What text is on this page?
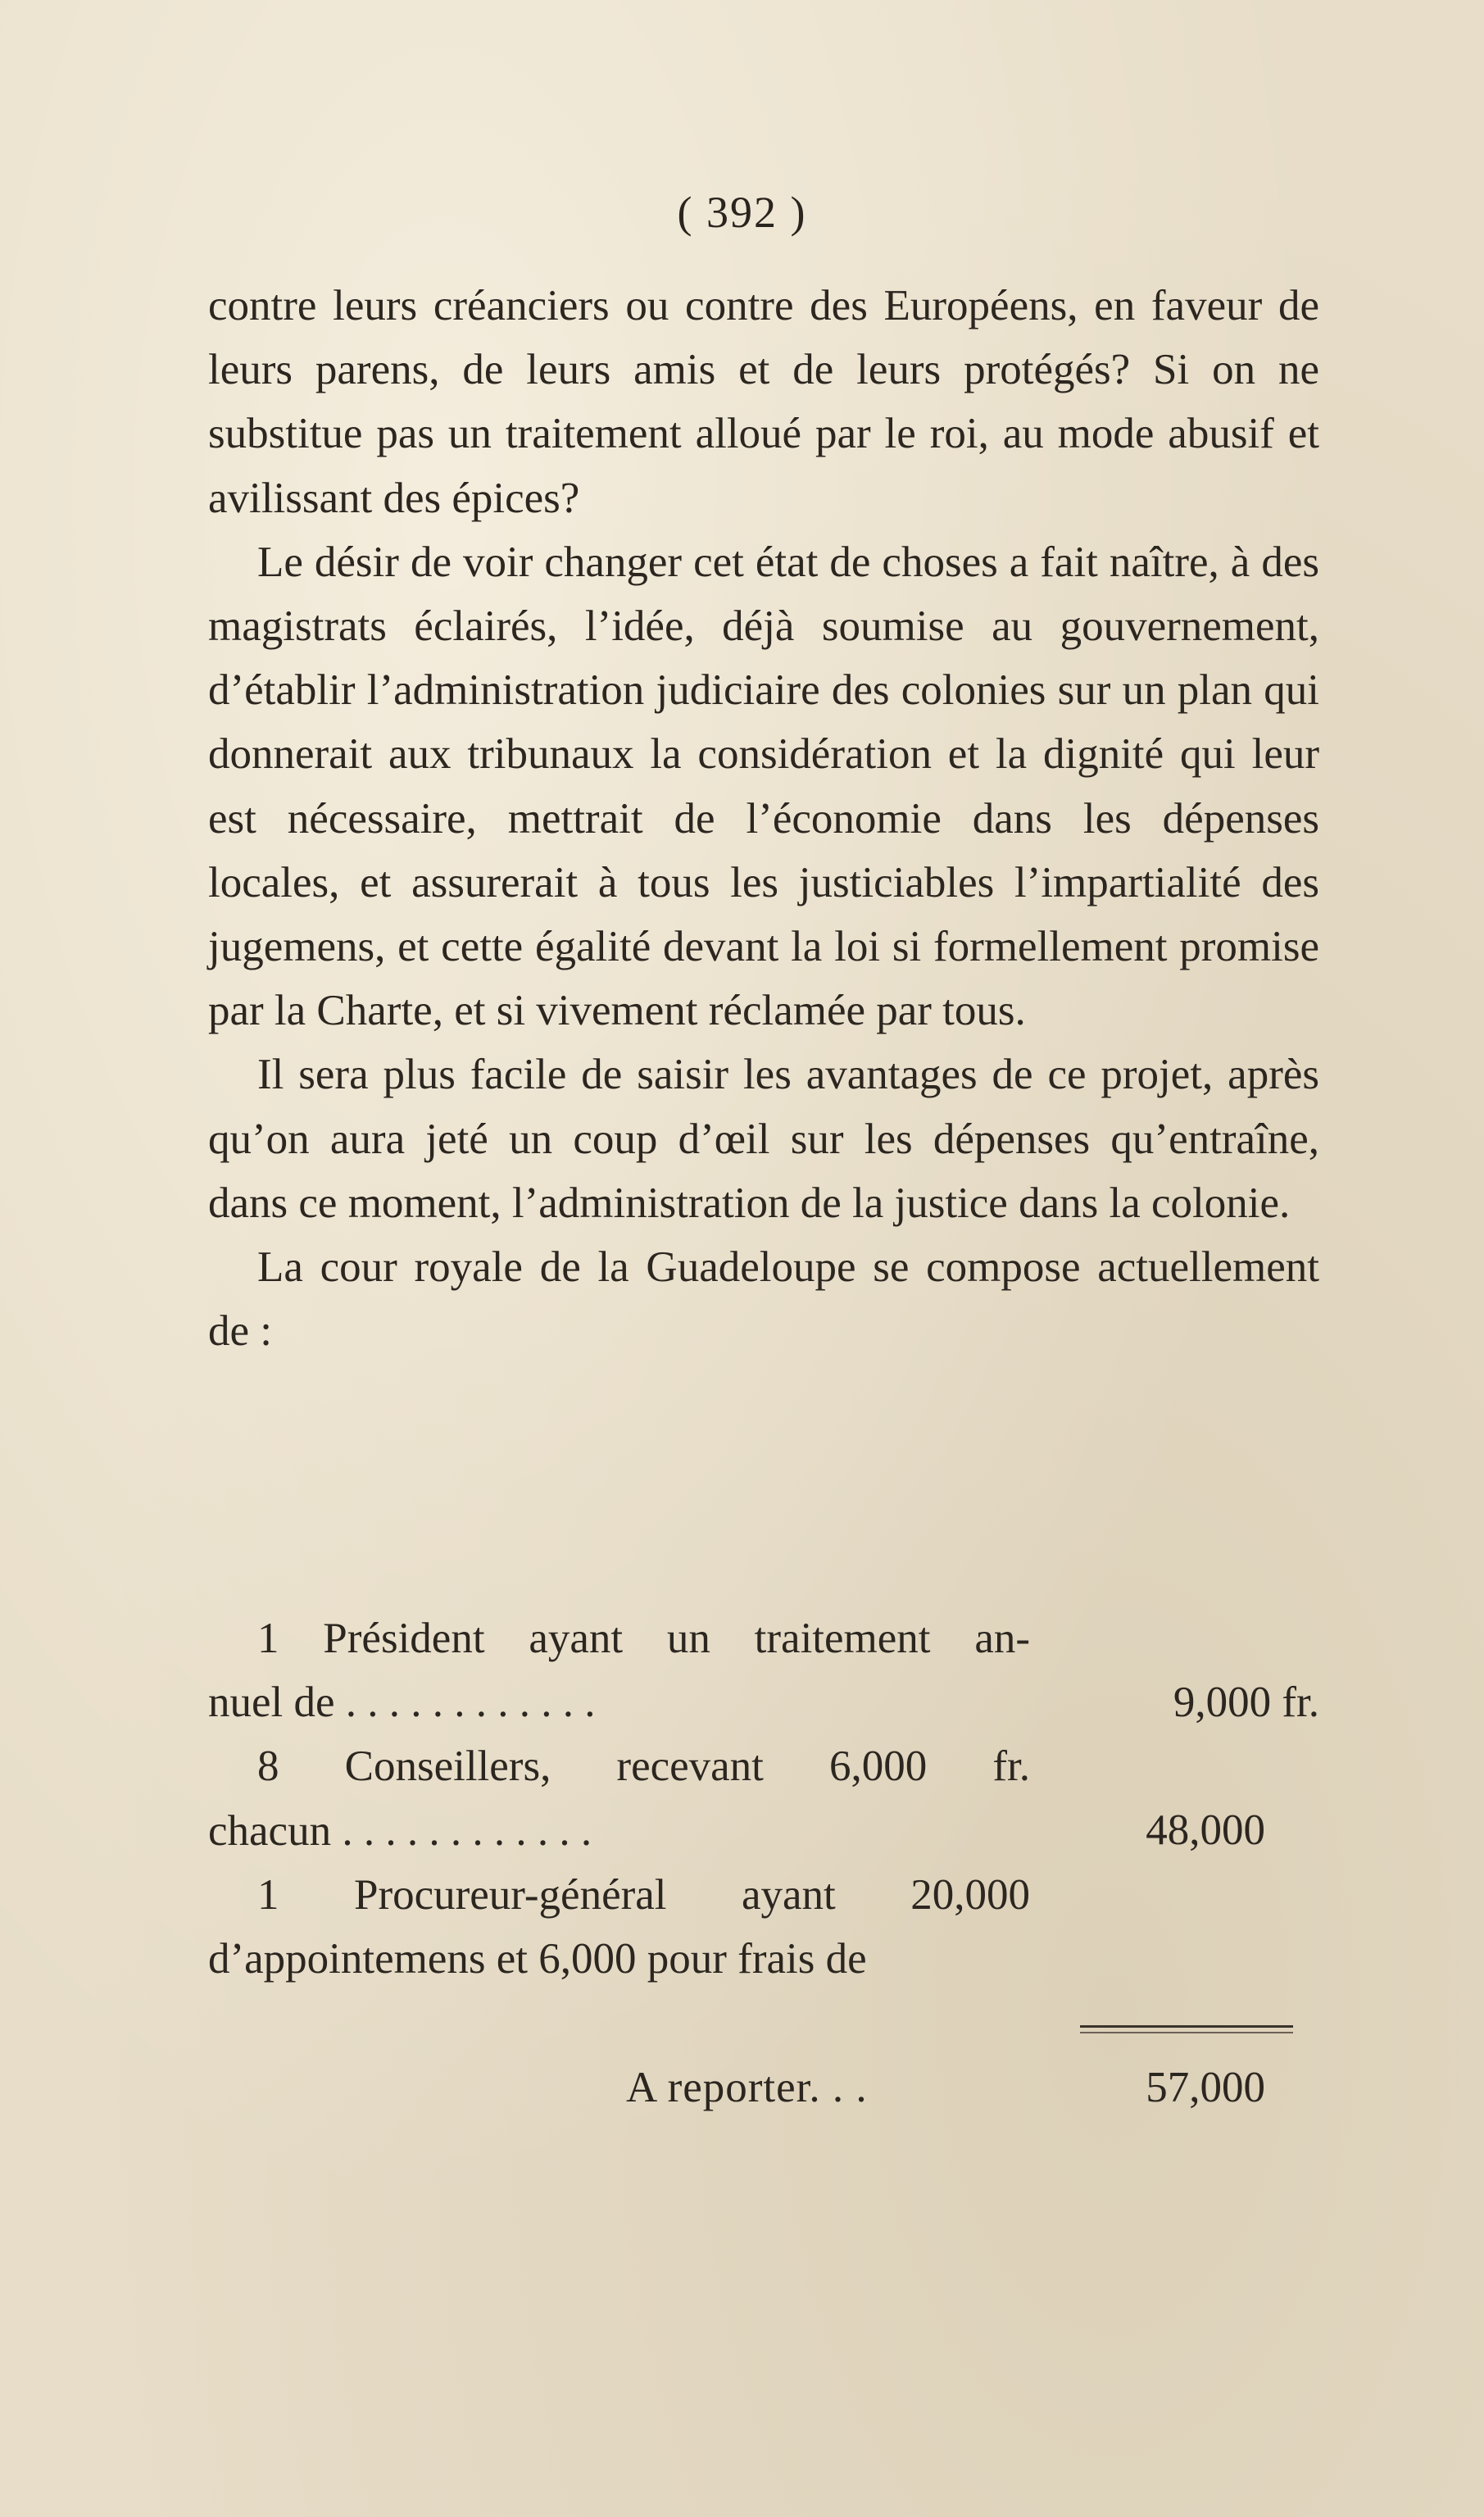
( 392 )

contre leurs créanciers ou contre des Européens, en faveur de leurs parens, de leurs amis et de leurs protégés? Si on ne substitue pas un traitement alloué par le roi, au mode abusif et avilissant des épices?

Le désir de voir changer cet état de choses a fait naître, à des magistrats éclairés, l’idée, déjà soumise au gouvernement, d’établir l’administration judiciaire des colonies sur un plan qui donnerait aux tribunaux la considération et la dignité qui leur est nécessaire, mettrait de l’économie dans les dépenses locales, et assurerait à tous les justiciables l’impartialité des jugemens, et cette égalité devant la loi si formellement promise par la Charte, et si vivement réclamée par tous.

Il sera plus facile de saisir les avantages de ce projet, après qu’on aura jeté un coup d’œil sur les dépenses qu’entraîne, dans ce moment, l’administration de la justice dans la colonie.

La cour royale de la Guadeloupe se compose actuellement de :

1 Président ayant un traitement an-
nuel de . . . . . . . . . . . .	9,000 fr.
8 Conseillers, recevant 6,000 fr.
chacun . . . . . . . . . . . .	48,000
1 Procureur-général ayant 20,000
d’appointemens et 6,000 pour frais de
A reporter. . .	57,000
